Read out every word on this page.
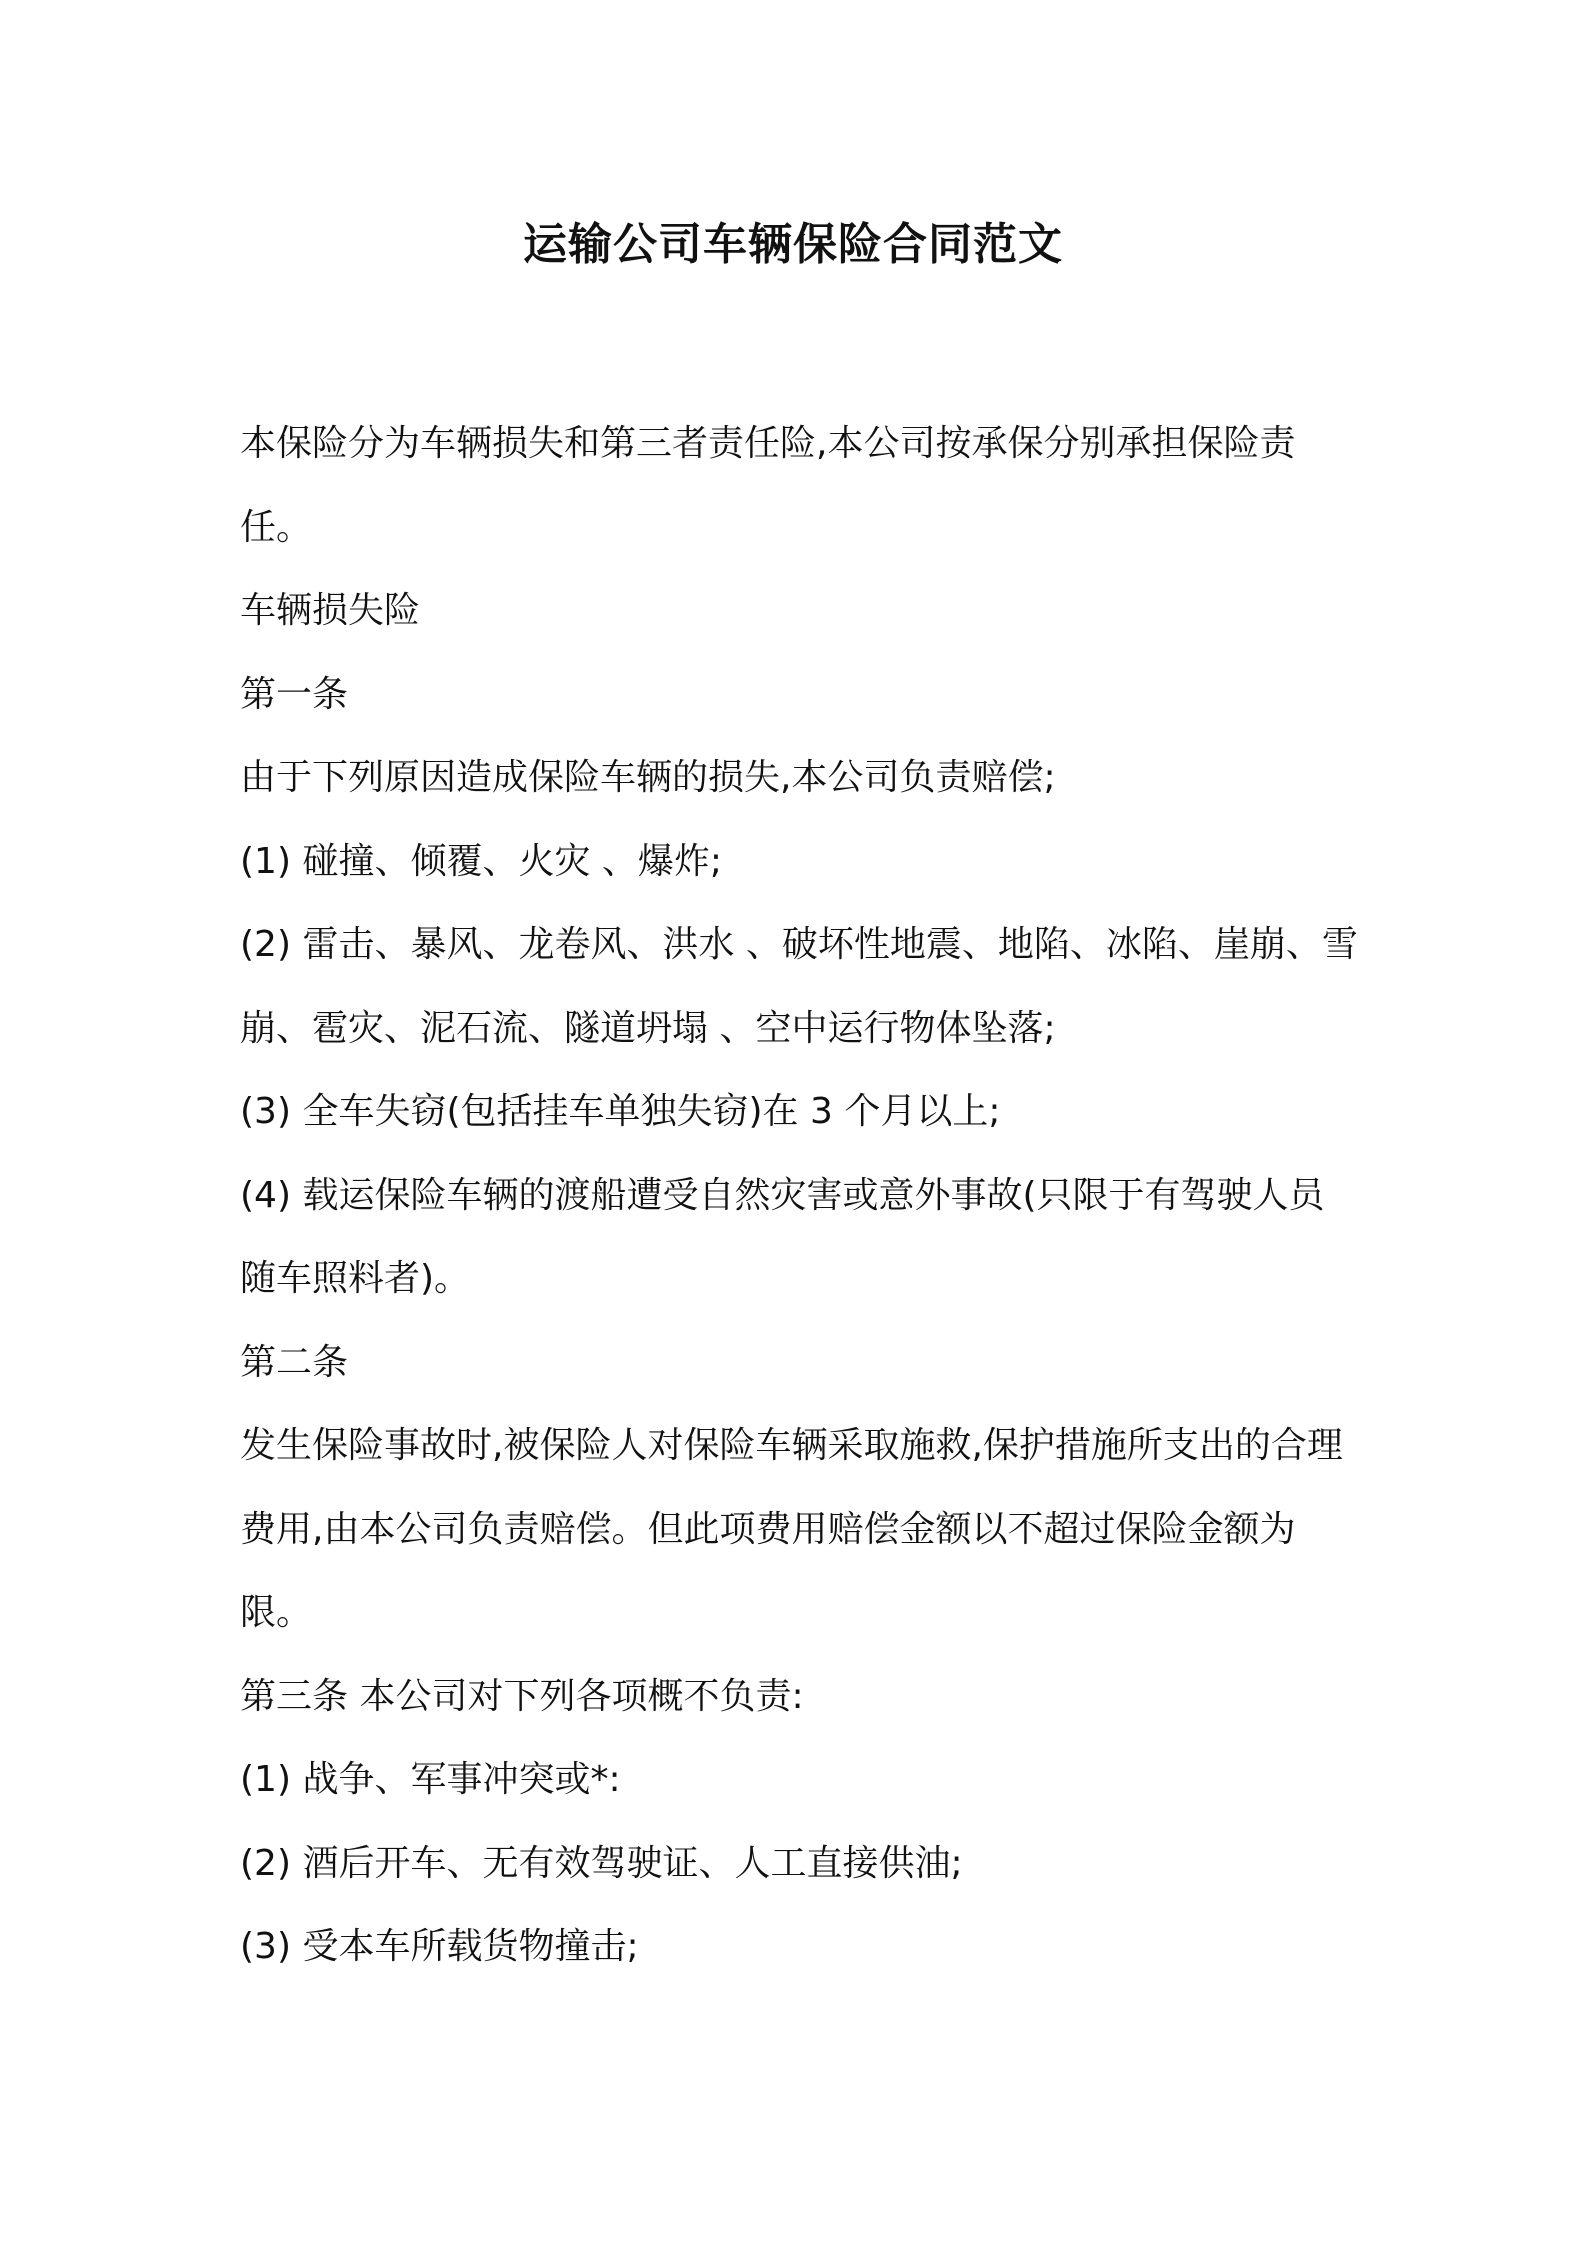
运输公司车辆保险合同范文

本保险分为车辆损失和第三者责任险,本公司按承保分别承担保险责任。

车辆损失险

第一条

由于下列原因造成保险车辆的损失,本公司负责赔偿;

(1) 碰撞、倾覆、火灾 、爆炸;

(2) 雷击、暴风、龙卷风、洪水 、破坏性地震、地陷、冰陷、崖崩、雪崩、雹灾、泥石流、隧道坍塌 、空中运行物体坠落;

(3) 全车失窃(包括挂车单独失窃)在 3 个月以上;

(4) 载运保险车辆的渡船遭受自然灾害或意外事故(只限于有驾驶人员随车照料者)。

第二条

发生保险事故时,被保险人对保险车辆采取施救,保护措施所支出的合理费用,由本公司负责赔偿。但此项费用赔偿金额以不超过保险金额为限。

第三条 本公司对下列各项概不负责:

(1) 战争、军事冲突或*:

(2) 酒后开车、无有效驾驶证、人工直接供油;

(3) 受本车所载货物撞击;
